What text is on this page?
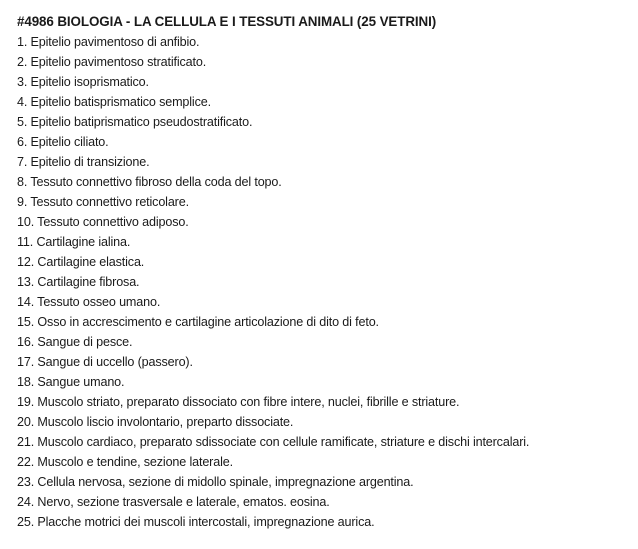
#4986 BIOLOGIA - LA CELLULA E I TESSUTI ANIMALI (25 VETRINI)
1. Epitelio pavimentoso di anfibio.
2. Epitelio pavimentoso stratificato.
3. Epitelio isoprismatico.
4. Epitelio batisprismatico semplice.
5. Epitelio batiprismatico pseudostratificato.
6. Epitelio ciliato.
7. Epitelio di transizione.
8. Tessuto connettivo fibroso della coda del topo.
9. Tessuto connettivo reticolare.
10. Tessuto connettivo adiposo.
11. Cartilagine ialina.
12. Cartilagine elastica.
13. Cartilagine fibrosa.
14. Tessuto osseo umano.
15. Osso in accrescimento e cartilagine articolazione di dito di feto.
16. Sangue di pesce.
17. Sangue di uccello (passero).
18. Sangue umano.
19. Muscolo striato, preparato dissociato con fibre intere, nuclei, fibrille e striature.
20. Muscolo liscio involontario, preparto dissociate.
21. Muscolo cardiaco, preparato sdissociate con cellule ramificate, striature e dischi intercalari.
22. Muscolo e tendine, sezione laterale.
23. Cellula nervosa, sezione di midollo spinale, impregnazione argentina.
24. Nervo, sezione trasversale e laterale, ematos. eosina.
25. Placche motrici dei muscoli intercostali, impregnazione aurica.
